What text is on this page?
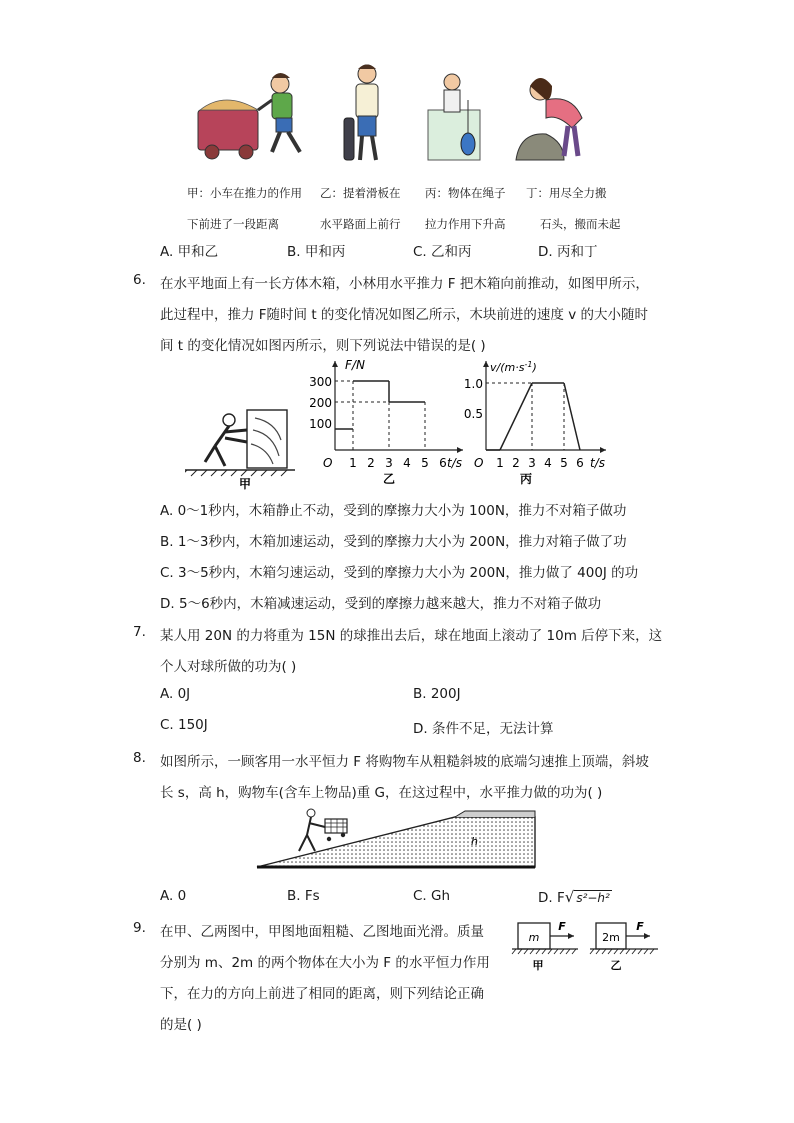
甲：小车在推力的作用
下前进了一段距离
乙：提着滑板在
水平路面上前行
丙：物体在绳子
拉力作用下升高
丁：用尽全力搬
石头，搬而未起
A. 甲和乙	B. 甲和丙	C. 乙和丙	D. 丙和丁
6. 在水平地面上有一长方体木箱，小林用水平推力 F 把木箱向前推动，如图甲所示，
此过程中，推力 F随时间 t 的变化情况如图乙所示，木块前进的速度 v 的大小随时
间 t 的变化情况如图丙所示，则下列说法中错误的是( )
甲
F/N
t/s
O
300
200
100
1 2 3 4 5 6
乙
$v/(m\cdot s^{-1})$
t/s
O
1.0
0.5
1 2 3 4 5 6
丙
A. 0～1秒内，木箱静止不动，受到的摩擦力大小为 100N，推力不对箱子做功
B. 1～3秒内，木箱加速运动，受到的摩擦力大小为 200N，推力对箱子做了功
C. 3～5秒内，木箱匀速运动，受到的摩擦力大小为 200N，推力做了 400J 的功
D. 5～6秒内，木箱减速运动，受到的摩擦力越来越大，推力不对箱子做功
7. 某人用 20N 的力将重为 15N 的球推出去后，球在地面上滚动了 10m 后停下来，这
个人对球所做的功为( )
A. 0J	B. 200J
C. 150J	D. 条件不足，无法计算
8. 如图所示，一顾客用一水平恒力 F 将购物车从粗糙斜坡的底端匀速推上顶端，斜坡
长 s，高 h，购物车(含车上物品)重 G，在这过程中，水平推力做的功为( )
h
A. 0	B. Fs	C. Gh	D. F√ s²−h²
9. 在甲、乙两图中，甲图地面粗糙、乙图地面光滑。质量
分别为 m、2m 的两个物体在大小为 F 的水平恒力作用
下，在力的方向上前进了相同的距离，则下列结论正确
的是( )
m
F
甲
2m
F
乙
